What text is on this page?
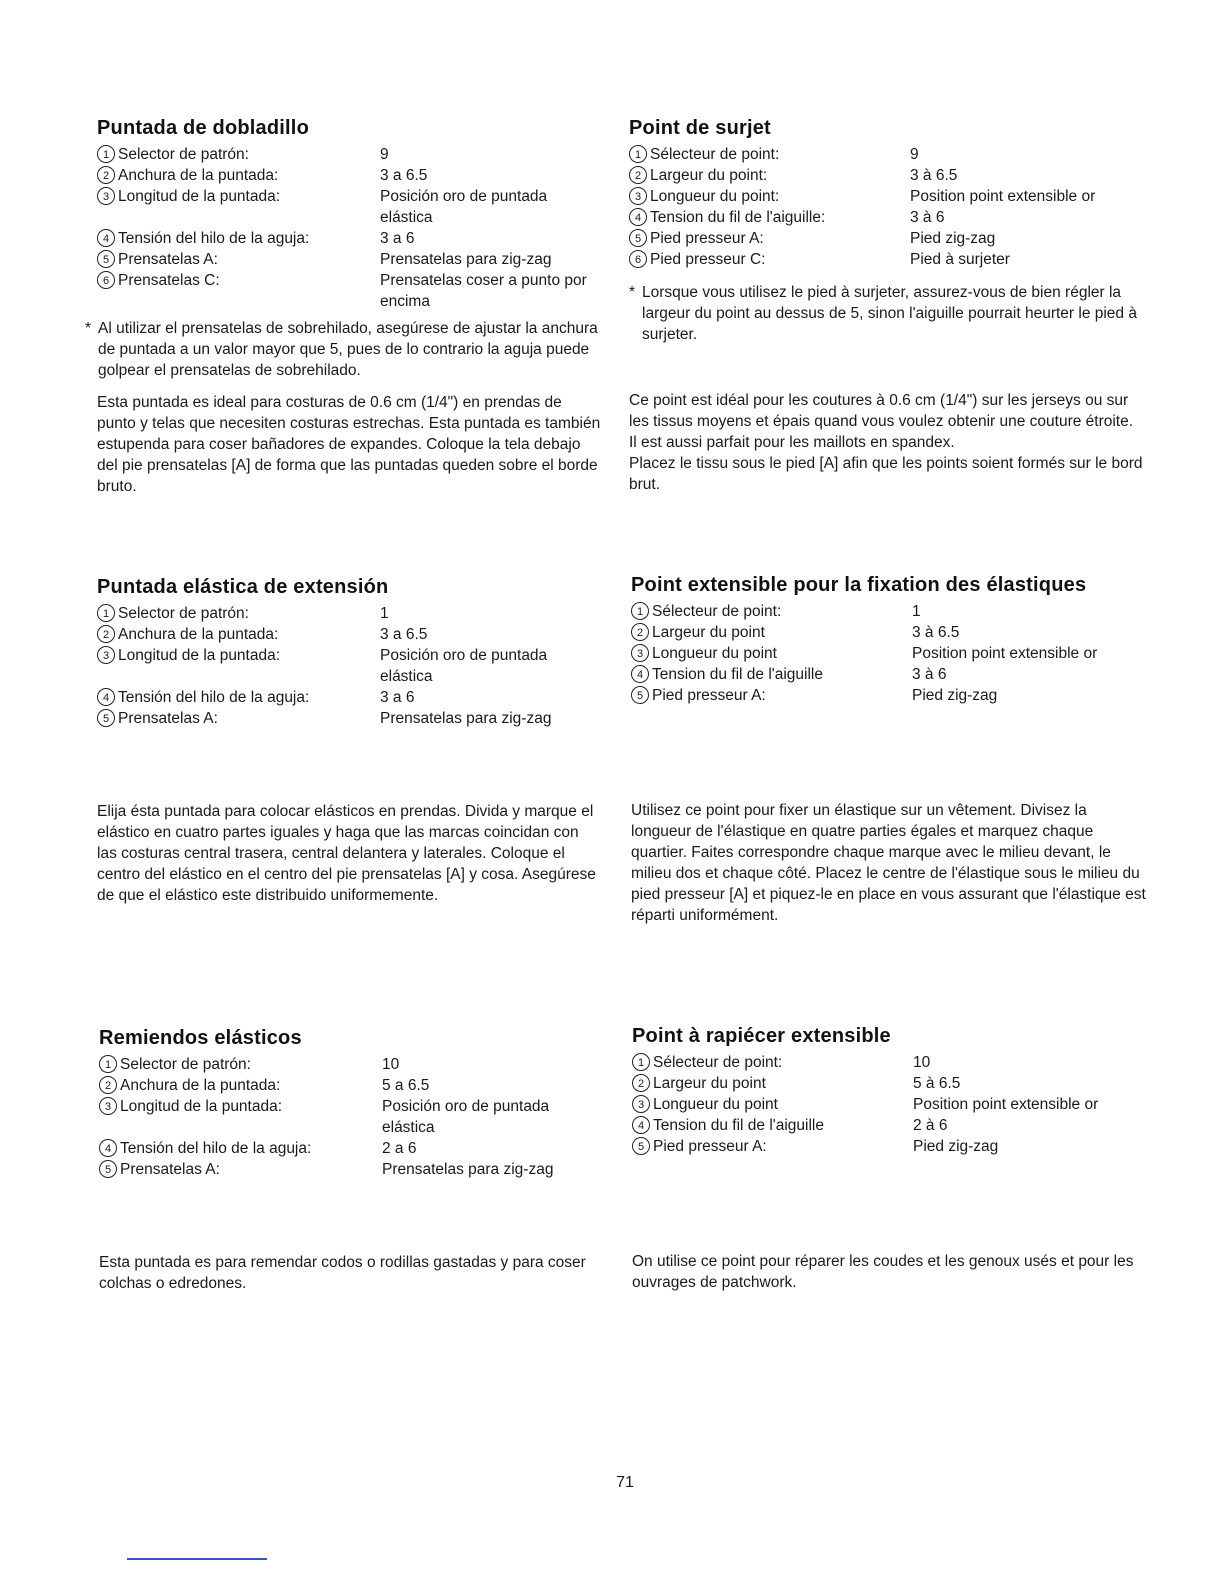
Puntada de dobladillo
1 Selector de patrón:	9
2 Anchura de la puntada:	3 a 6.5
3 Longitud de la puntada:	Posición oro de puntada elástica
4 Tensión del hilo de la aguja:	3 a 6
5 Prensatelas A:	Prensatelas para zig-zag
6 Prensatelas C:	Prensatelas coser a punto por encima
* Al utilizar el prensatelas de sobrehilado, asegúrese de ajustar la anchura de puntada a un valor mayor que 5, pues de lo contrario la aguja puede golpear el prensatelas de sobrehilado.

Esta puntada es ideal para costuras de 0.6 cm (1/4") en prendas de punto y telas que necesiten costuras estrechas. Esta puntada es también estupenda para coser bañadores de expandes. Coloque la tela debajo del pie prensatelas [A] de forma que las puntadas queden sobre el borde bruto.

Puntada elástica de extensión
1 Selector de patrón:	1
2 Anchura de la puntada:	3 a 6.5
3 Longitud de la puntada:	Posición oro de puntada elástica
4 Tensión del hilo de la aguja:	3 a 6
5 Prensatelas A:	Prensatelas para zig-zag

Elija ésta puntada para colocar elásticos en prendas. Divida y marque el elástico en cuatro partes iguales y haga que las marcas coincidan con las costuras central trasera, central delantera y laterales. Coloque el centro del elástico en el centro del pie prensatelas [A] y cosa. Asegúrese de que el elástico este distribuido uniformemente.

Remiendos elásticos
1 Selector de patrón:	10
2 Anchura de la puntada:	5 a 6.5
3 Longitud de la puntada:	Posición oro de puntada elástica
4 Tensión del hilo de la aguja:	2 a 6
5 Prensatelas A:	Prensatelas para zig-zag

Esta puntada es para remendar codos o rodillas gastadas y para coser colchas o edredones.

Point de surjet
1 Sélecteur de point:	9
2 Largeur du point:	3 à 6.5
3 Longueur du point:	Position point extensible or
4 Tension du fil de l'aiguille:	3 à 6
5 Pied presseur A:	Pied zig-zag
6 Pied presseur C:	Pied à surjeter
* Lorsque vous utilisez le pied à surjeter, assurez-vous de bien régler la largeur du point au dessus de 5, sinon l'aiguille pourrait heurter le pied à surjeter.

Ce point est idéal pour les coutures à 0.6 cm (1/4") sur les jerseys ou sur les tissus moyens et épais quand vous voulez obtenir une couture étroite.

Il est aussi parfait pour les maillots en spandex.

Placez le tissu sous le pied [A] afin que les points soient formés sur le bord brut.

Point extensible pour la fixation des élastiques
1 Sélecteur de point:	1
2 Largeur du point	3 à 6.5
3 Longueur du point	Position point extensible or
4 Tension du fil de l'aiguille	3 à 6
5 Pied presseur A:	Pied zig-zag

Utilisez ce point pour fixer un élastique sur un vêtement. Divisez la longueur de l'élastique en quatre parties égales et marquez chaque quartier. Faites correspondre chaque marque avec le milieu devant, le milieu dos et chaque côté. Placez le centre de l'élastique sous le milieu du pied presseur [A] et piquez-le en place en vous assurant que l'élastique est réparti uniformément.

Point à rapiécer extensible
1 Sélecteur de point:	10
2 Largeur du point	5 à 6.5
3 Longueur du point	Position point extensible or
4 Tension du fil de l'aiguille	2 à 6
5 Pied presseur A:	Pied zig-zag

On utilise ce point pour réparer les coudes et les genoux usés et pour les ouvrages de patchwork.

71
